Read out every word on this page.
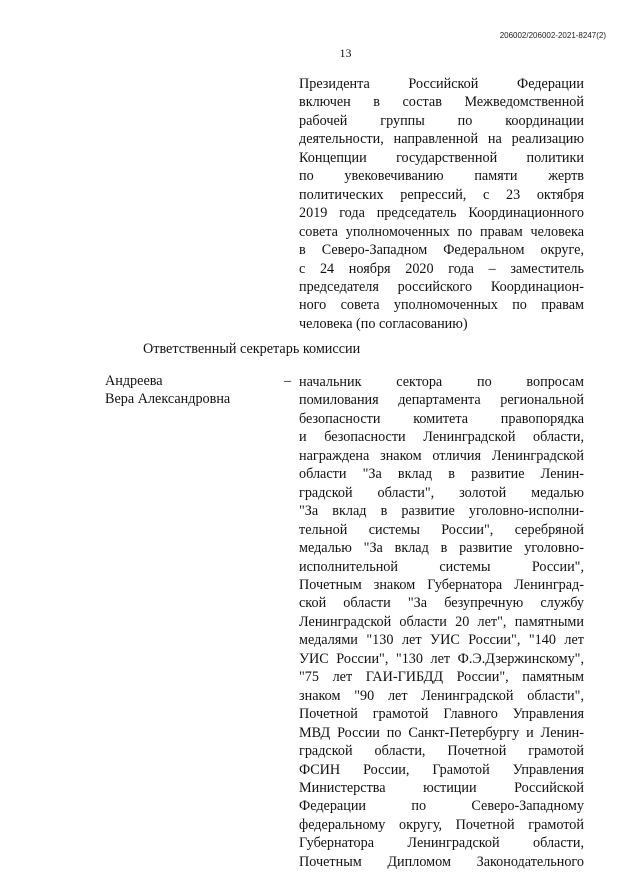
206002/206002-2021-8247(2)
13
Президента Российской Федерации
включен в состав Межведомственной
рабочей группы по координации
деятельности, направленной на реализацию
Концепции государственной политики
по увековечиванию памяти жертв
политических репрессий, с 23 октября
2019 года председатель Координационного
совета уполномоченных по правам человека
в Северо-Западном Федеральном округе,
с 24 ноября 2020 года – заместитель
председателя российского Координацион-
ного совета уполномоченных по правам
человека (по согласованию)
Ответственный секретарь комиссии
Андреева
Вера Александровна
– начальник сектора по вопросам
помилования департамента региональной
безопасности комитета правопорядка
и безопасности Ленинградской области,
награждена знаком отличия Ленинградской
области "За вклад в развитие Ленин-
градской области", золотой медалью
"За вклад в развитие уголовно-исполни-
тельной системы России", серебряной
медалью "За вклад в развитие уголовно-
исполнительной системы России",
Почетным знаком Губернатора Ленинград-
ской области "За безупречную службу
Ленинградской области 20 лет", памятными
медалями "130 лет УИС России", "140 лет
УИС России", "130 лет Ф.Э.Дзержинскому",
"75 лет ГАИ-ГИБДД России", памятным
знаком "90 лет Ленинградской области",
Почетной грамотой Главного Управления
МВД России по Санкт-Петербургу и Ленин-
градской области, Почетной грамотой
ФСИН России, Грамотой Управления
Министерства юстиции Российской
Федерации по Северо-Западному
федеральному округу, Почетной грамотой
Губернатора Ленинградской области,
Почетным Дипломом Законодательного
